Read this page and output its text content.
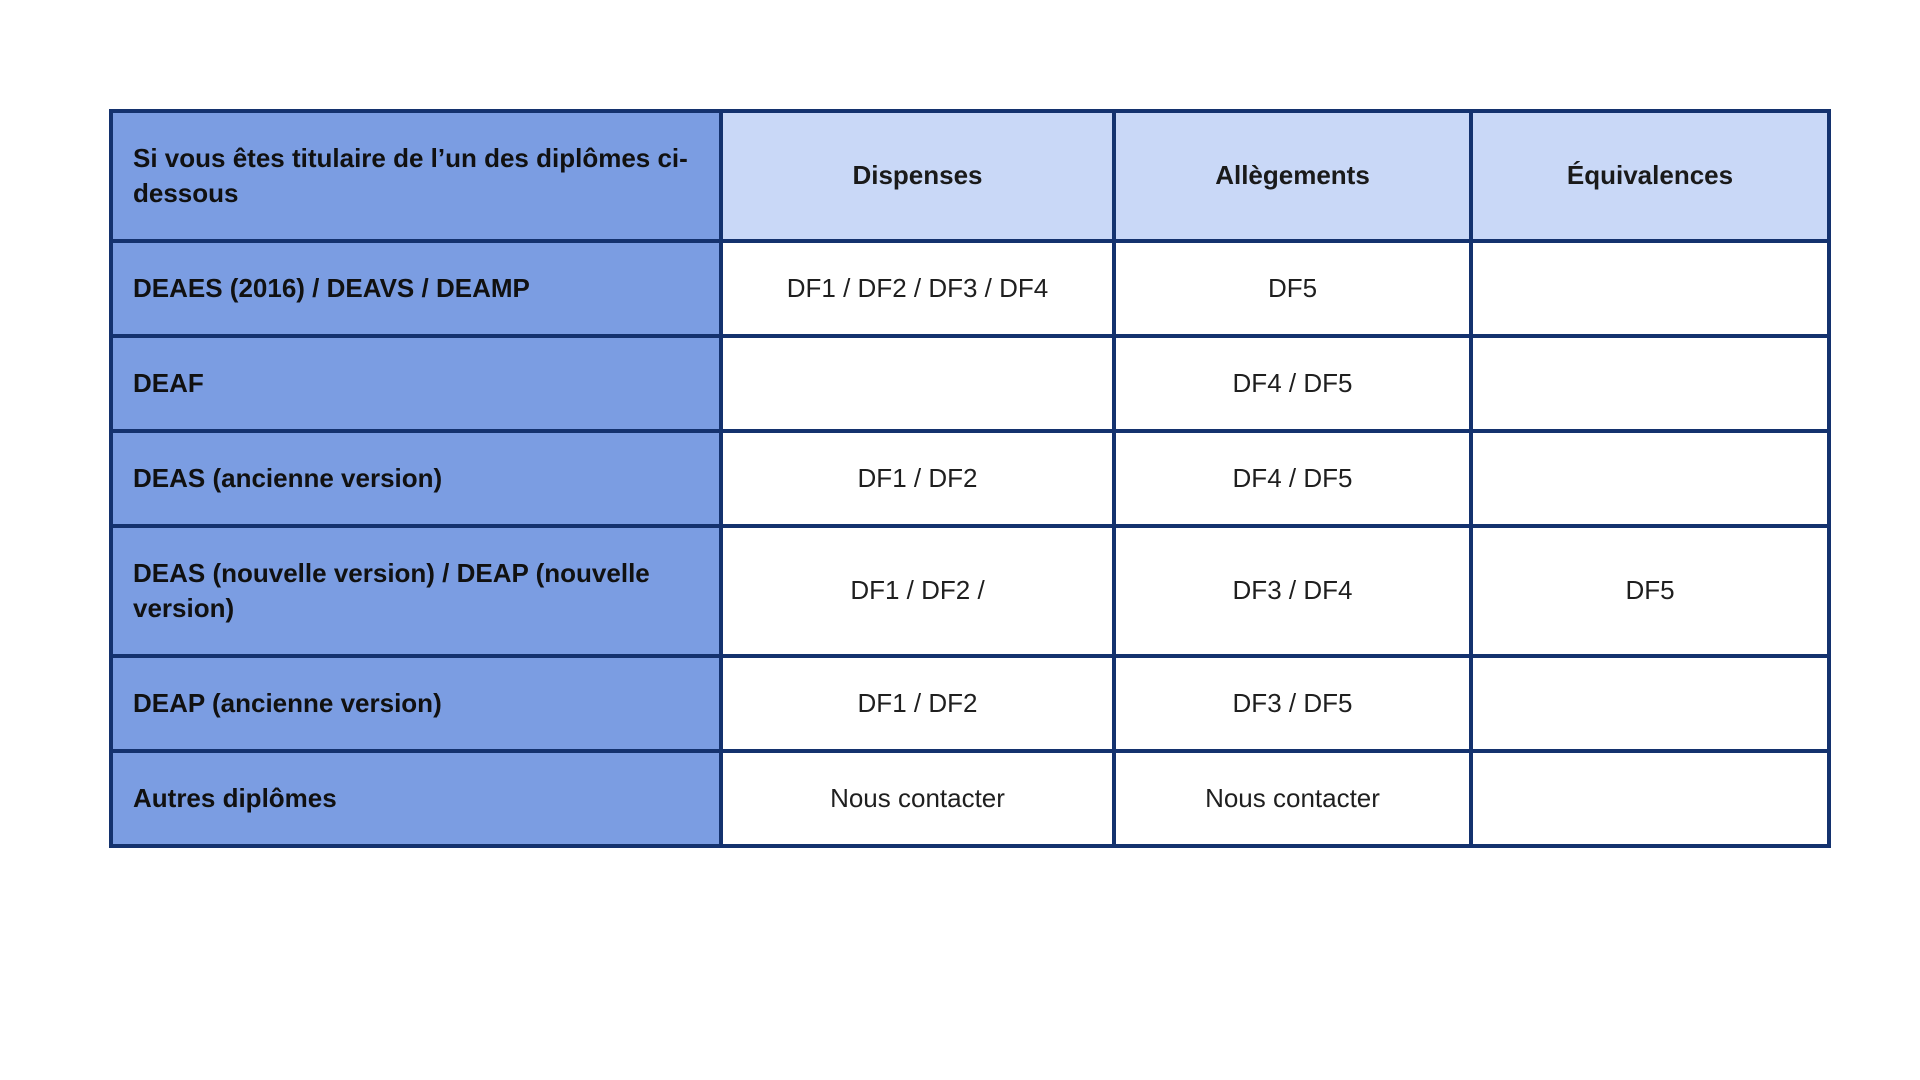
Si vous êtes titulaire de l’un des diplômes ci-dessous	Dispenses	Allègements	Équivalences
DEAES (2016) / DEAVS / DEAMP	DF1 / DF2 / DF3 / DF4	DF5	
DEAF		DF4 / DF5	
DEAS (ancienne version)	DF1 / DF2	DF4 / DF5	
DEAS (nouvelle version) / DEAP (nouvelle version)	DF1 / DF2 /	DF3 / DF4	DF5
DEAP (ancienne version)	DF1 / DF2	DF3 / DF5	
Autres diplômes	Nous contacter	Nous contacter	
